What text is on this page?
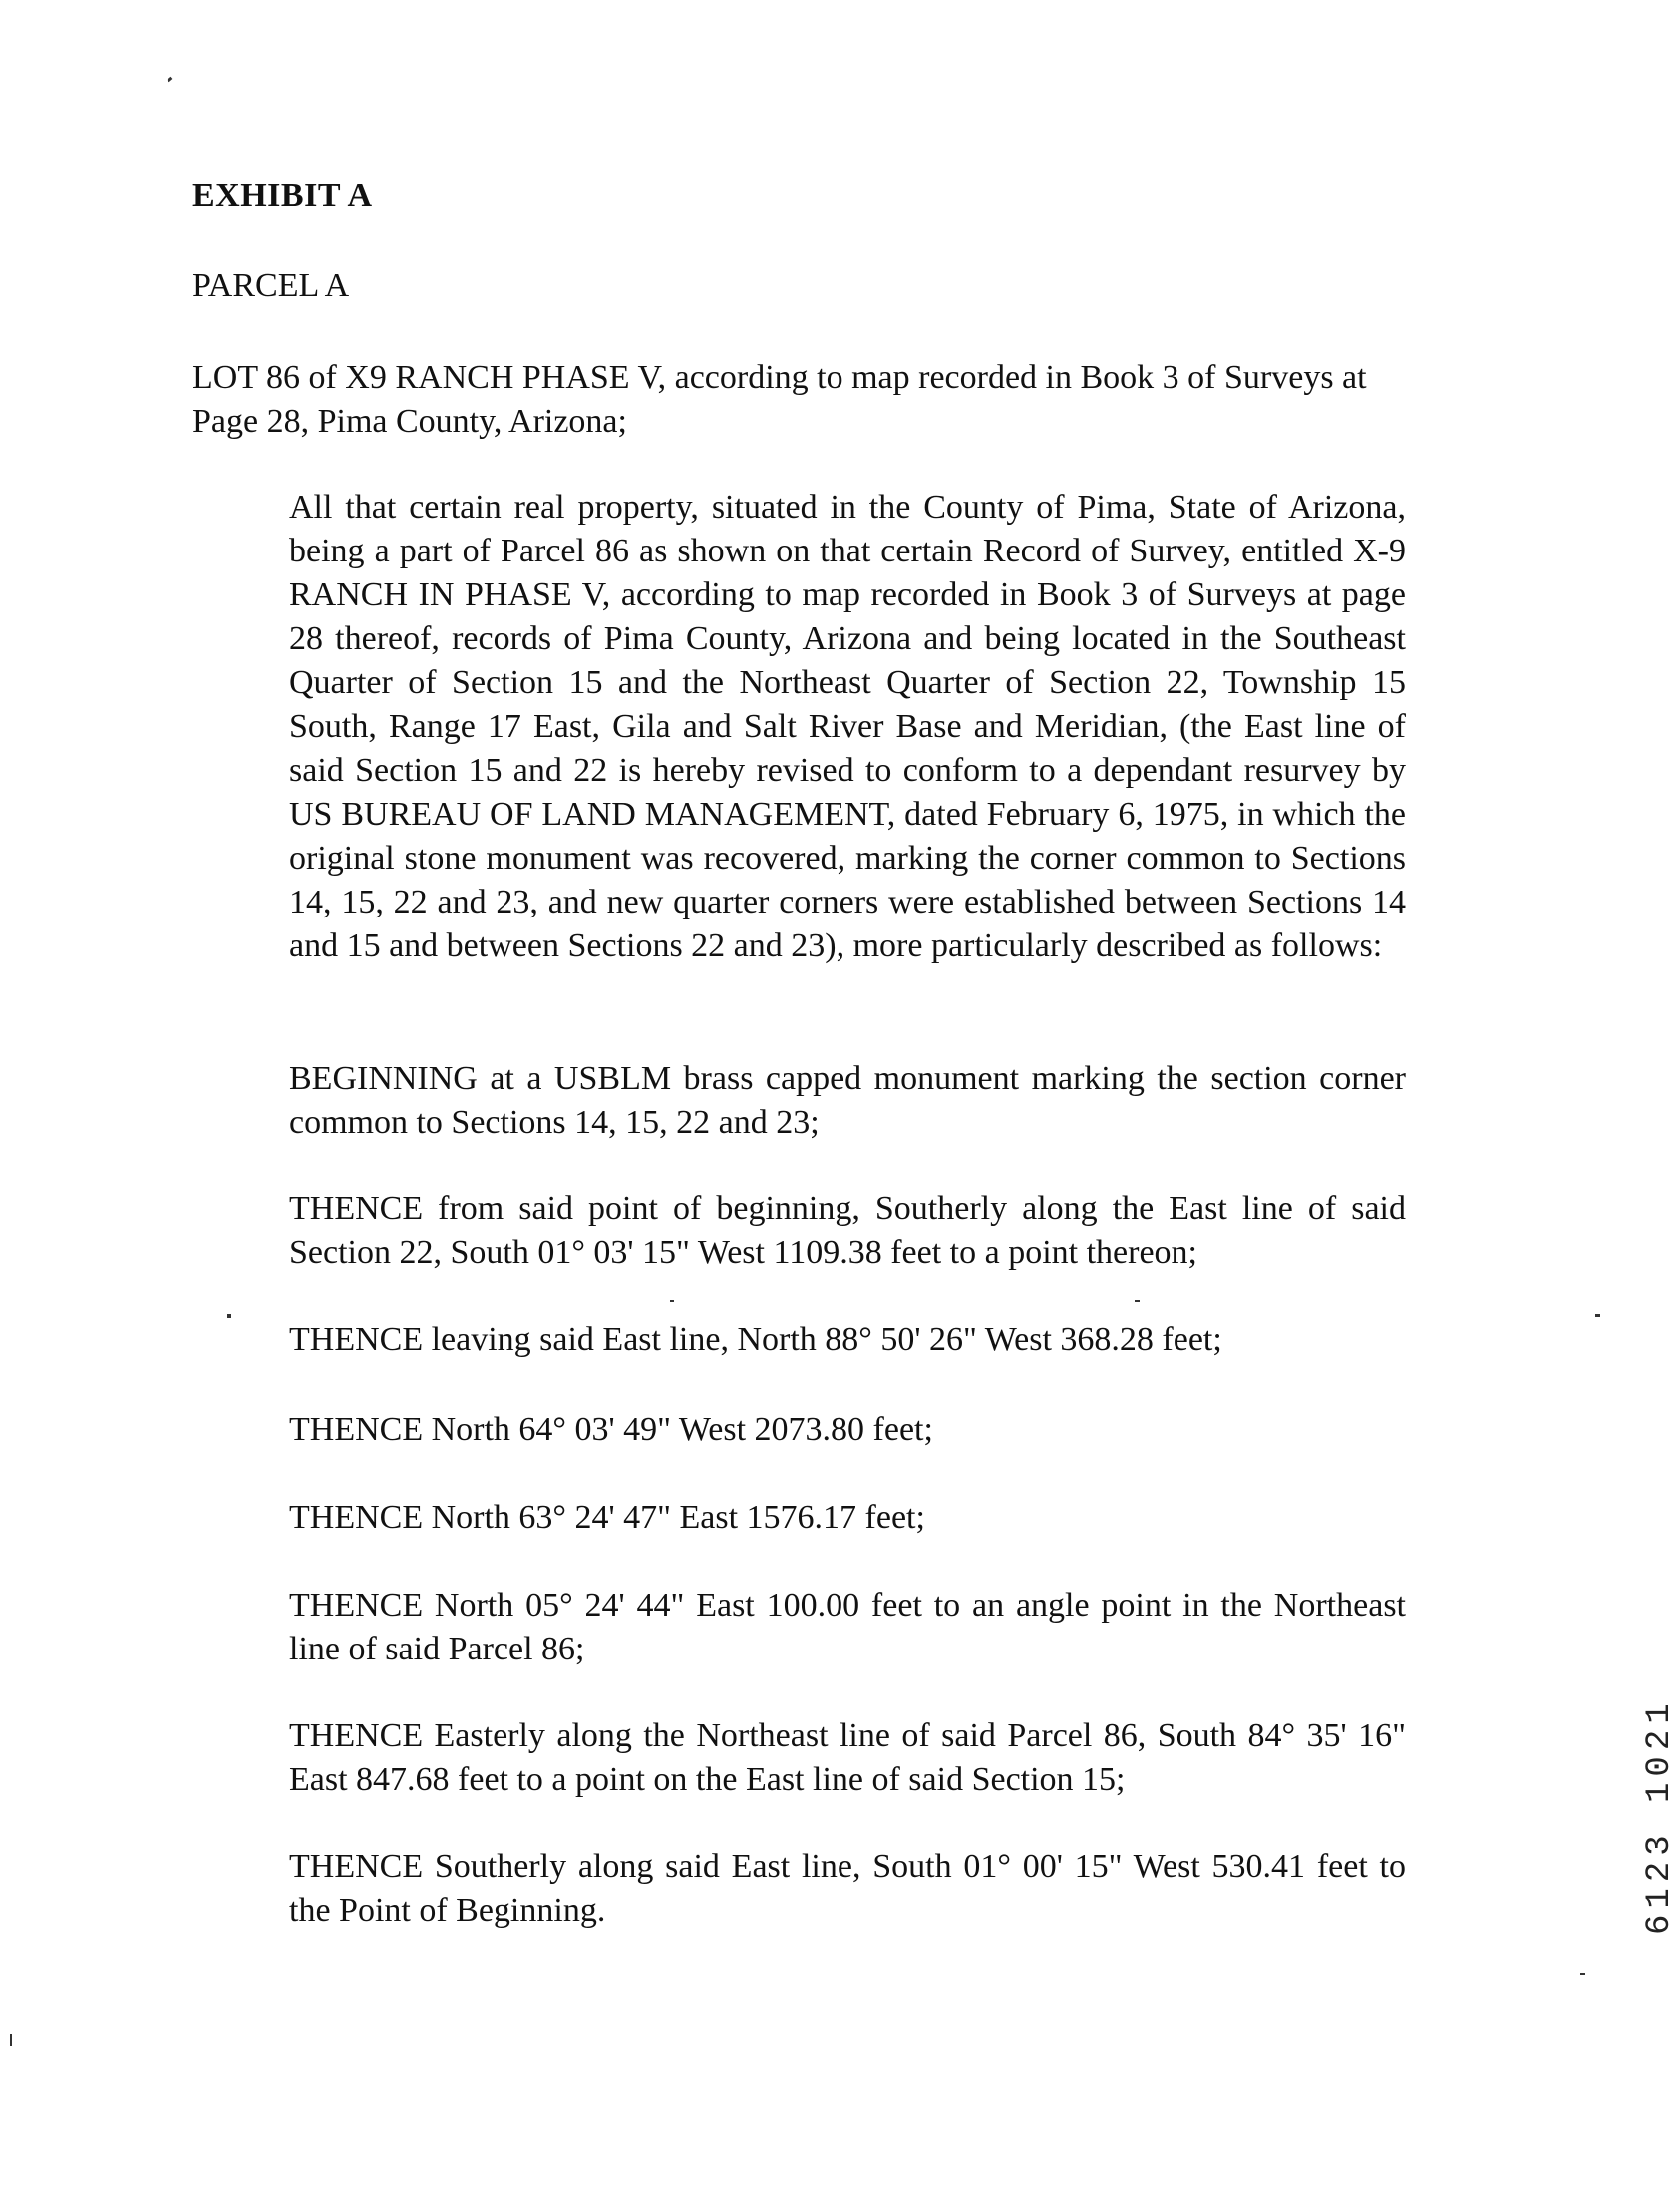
EXHIBIT A
PARCEL A
LOT 86 of X9 RANCH PHASE V, according to map recorded in Book 3 of Surveys at
Page 28, Pima County, Arizona;
All that certain real property, situated in the County of Pima, State of Arizona, being a part of Parcel 86 as shown on that certain Record of Survey, entitled X-9 RANCH IN PHASE V, according to map recorded in Book 3 of Surveys at page 28 thereof, records of Pima County, Arizona and being located in the Southeast Quarter of Section 15 and the Northeast Quarter of Section 22, Township 15 South, Range 17 East, Gila and Salt River Base and Meridian, (the East line of said Section 15 and 22 is hereby revised to conform to a dependant resurvey by US BUREAU OF LAND MANAGEMENT, dated February 6, 1975, in which the original stone monument was recovered, marking the corner common to Sections 14, 15, 22 and 23, and new quarter corners were established between Sections 14 and 15 and between Sections 22 and 23), more particularly described as follows:
BEGINNING at a USBLM brass capped monument marking the section corner common to Sections 14, 15, 22 and 23;
THENCE from said point of beginning, Southerly along the East line of said Section 22, South 01° 03' 15" West 1109.38 feet to a point thereon;
THENCE leaving said East line, North 88° 50' 26" West 368.28 feet;
THENCE North 64° 03' 49" West 2073.80 feet;
THENCE North 63° 24' 47" East 1576.17 feet;
THENCE North 05° 24' 44" East 100.00 feet to an angle point in the Northeast line of said Parcel 86;
THENCE Easterly along the Northeast line of said Parcel 86, South 84° 35' 16" East 847.68 feet to a point on the East line of said Section 15;
THENCE Southerly along said East line, South 01° 00' 15" West 530.41 feet to the Point of Beginning.	6123 1021
